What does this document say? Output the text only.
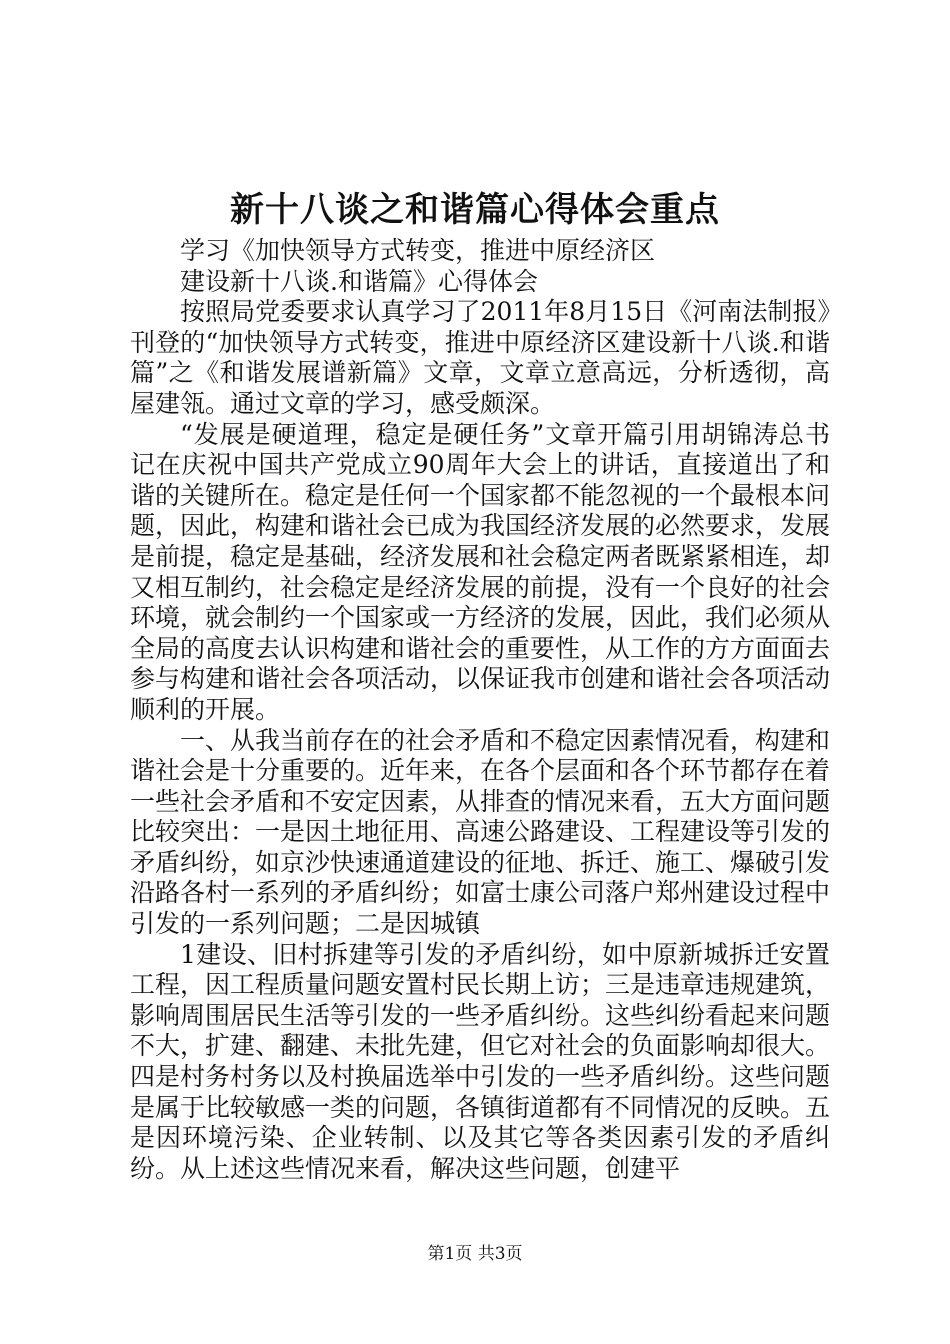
新十八谈之和谐篇心得体会重点

学习《加快领导方式转变，推进中原经济区

建设新十八谈.和谐篇》心得体会

按照局党委要求认真学习了2011年8月15日《河南法制报》刊登的“加快领导方式转变，推进中原经济区建设新十八谈.和谐篇”之《和谐发展谱新篇》文章，文章立意高远，分析透彻，高屋建瓴。通过文章的学习，感受颇深。

“发展是硬道理，稳定是硬任务”文章开篇引用胡锦涛总书记在庆祝中国共产党成立90周年大会上的讲话，直接道出了和谐的关键所在。稳定是任何一个国家都不能忽视的一个最根本问题，因此，构建和谐社会已成为我国经济发展的必然要求，发展是前提，稳定是基础，经济发展和社会稳定两者既紧紧相连，却又相互制约，社会稳定是经济发展的前提，没有一个良好的社会环境，就会制约一个国家或一方经济的发展，因此，我们必须从全局的高度去认识构建和谐社会的重要性，从工作的方方面面去参与构建和谐社会各项活动，以保证我市创建和谐社会各项活动顺利的开展。

一、从我当前存在的社会矛盾和不稳定因素情况看，构建和谐社会是十分重要的。近年来，在各个层面和各个环节都存在着一些社会矛盾和不安定因素，从排查的情况来看，五大方面问题比较突出：一是因土地征用、高速公路建设、工程建设等引发的矛盾纠纷，如京沙快速通道建设的征地、拆迁、施工、爆破引发沿路各村一系列的矛盾纠纷；如富士康公司落户郑州建设过程中引发的一系列问题；二是因城镇

1建设、旧村拆建等引发的矛盾纠纷，如中原新城拆迁安置工程，因工程质量问题安置村民长期上访；三是违章违规建筑，影响周围居民生活等引发的一些矛盾纠纷。这些纠纷看起来问题不大，扩建、翻建、未批先建，但它对社会的负面影响却很大。四是村务村务以及村换届选举中引发的一些矛盾纠纷。这些问题是属于比较敏感一类的问题，各镇街道都有不同情况的反映。五是因环境污染、企业转制、以及其它等各类因素引发的矛盾纠纷。从上述这些情况来看，解决这些问题，创建平

第1页 共3页
